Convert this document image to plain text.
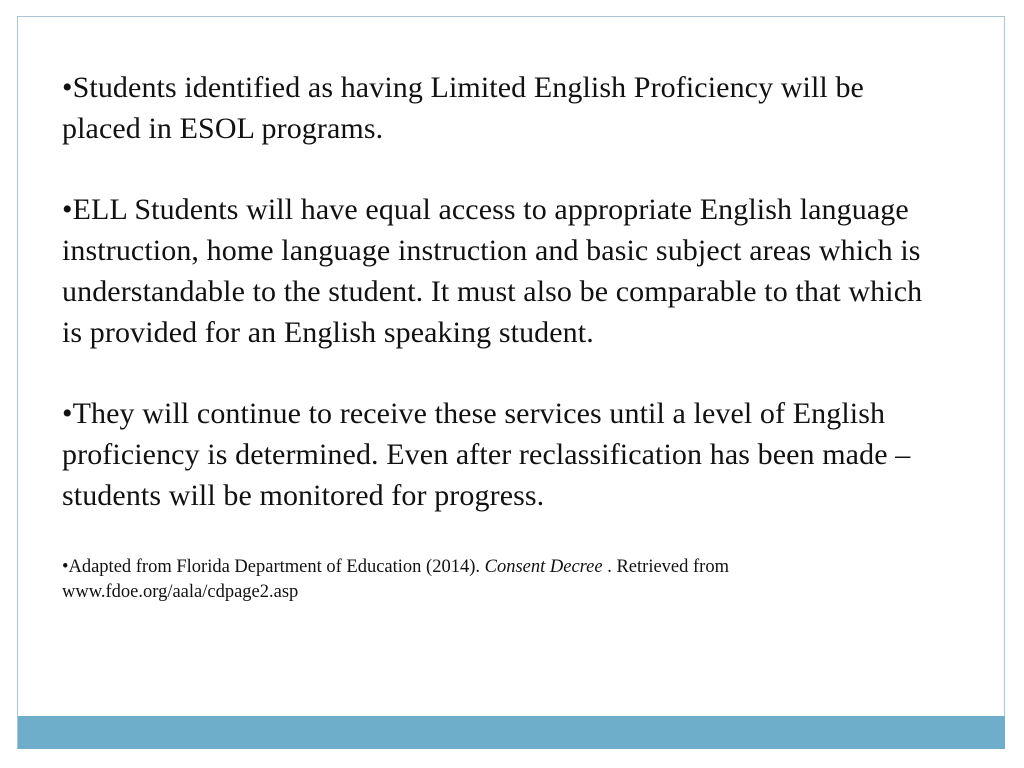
•Students identified as having Limited English Proficiency will be placed in ESOL programs.

•ELL Students will have equal access to appropriate English language instruction, home language instruction and basic subject areas which is understandable to the student. It must also be comparable to that which is provided for an English speaking student.

•They will continue to receive these services until a level of English proficiency is determined. Even after reclassification has been made – students will be monitored for progress.

•Adapted from Florida Department of Education (2014). Consent Decree . Retrieved from www.fdoe.org/aala/cdpage2.asp
